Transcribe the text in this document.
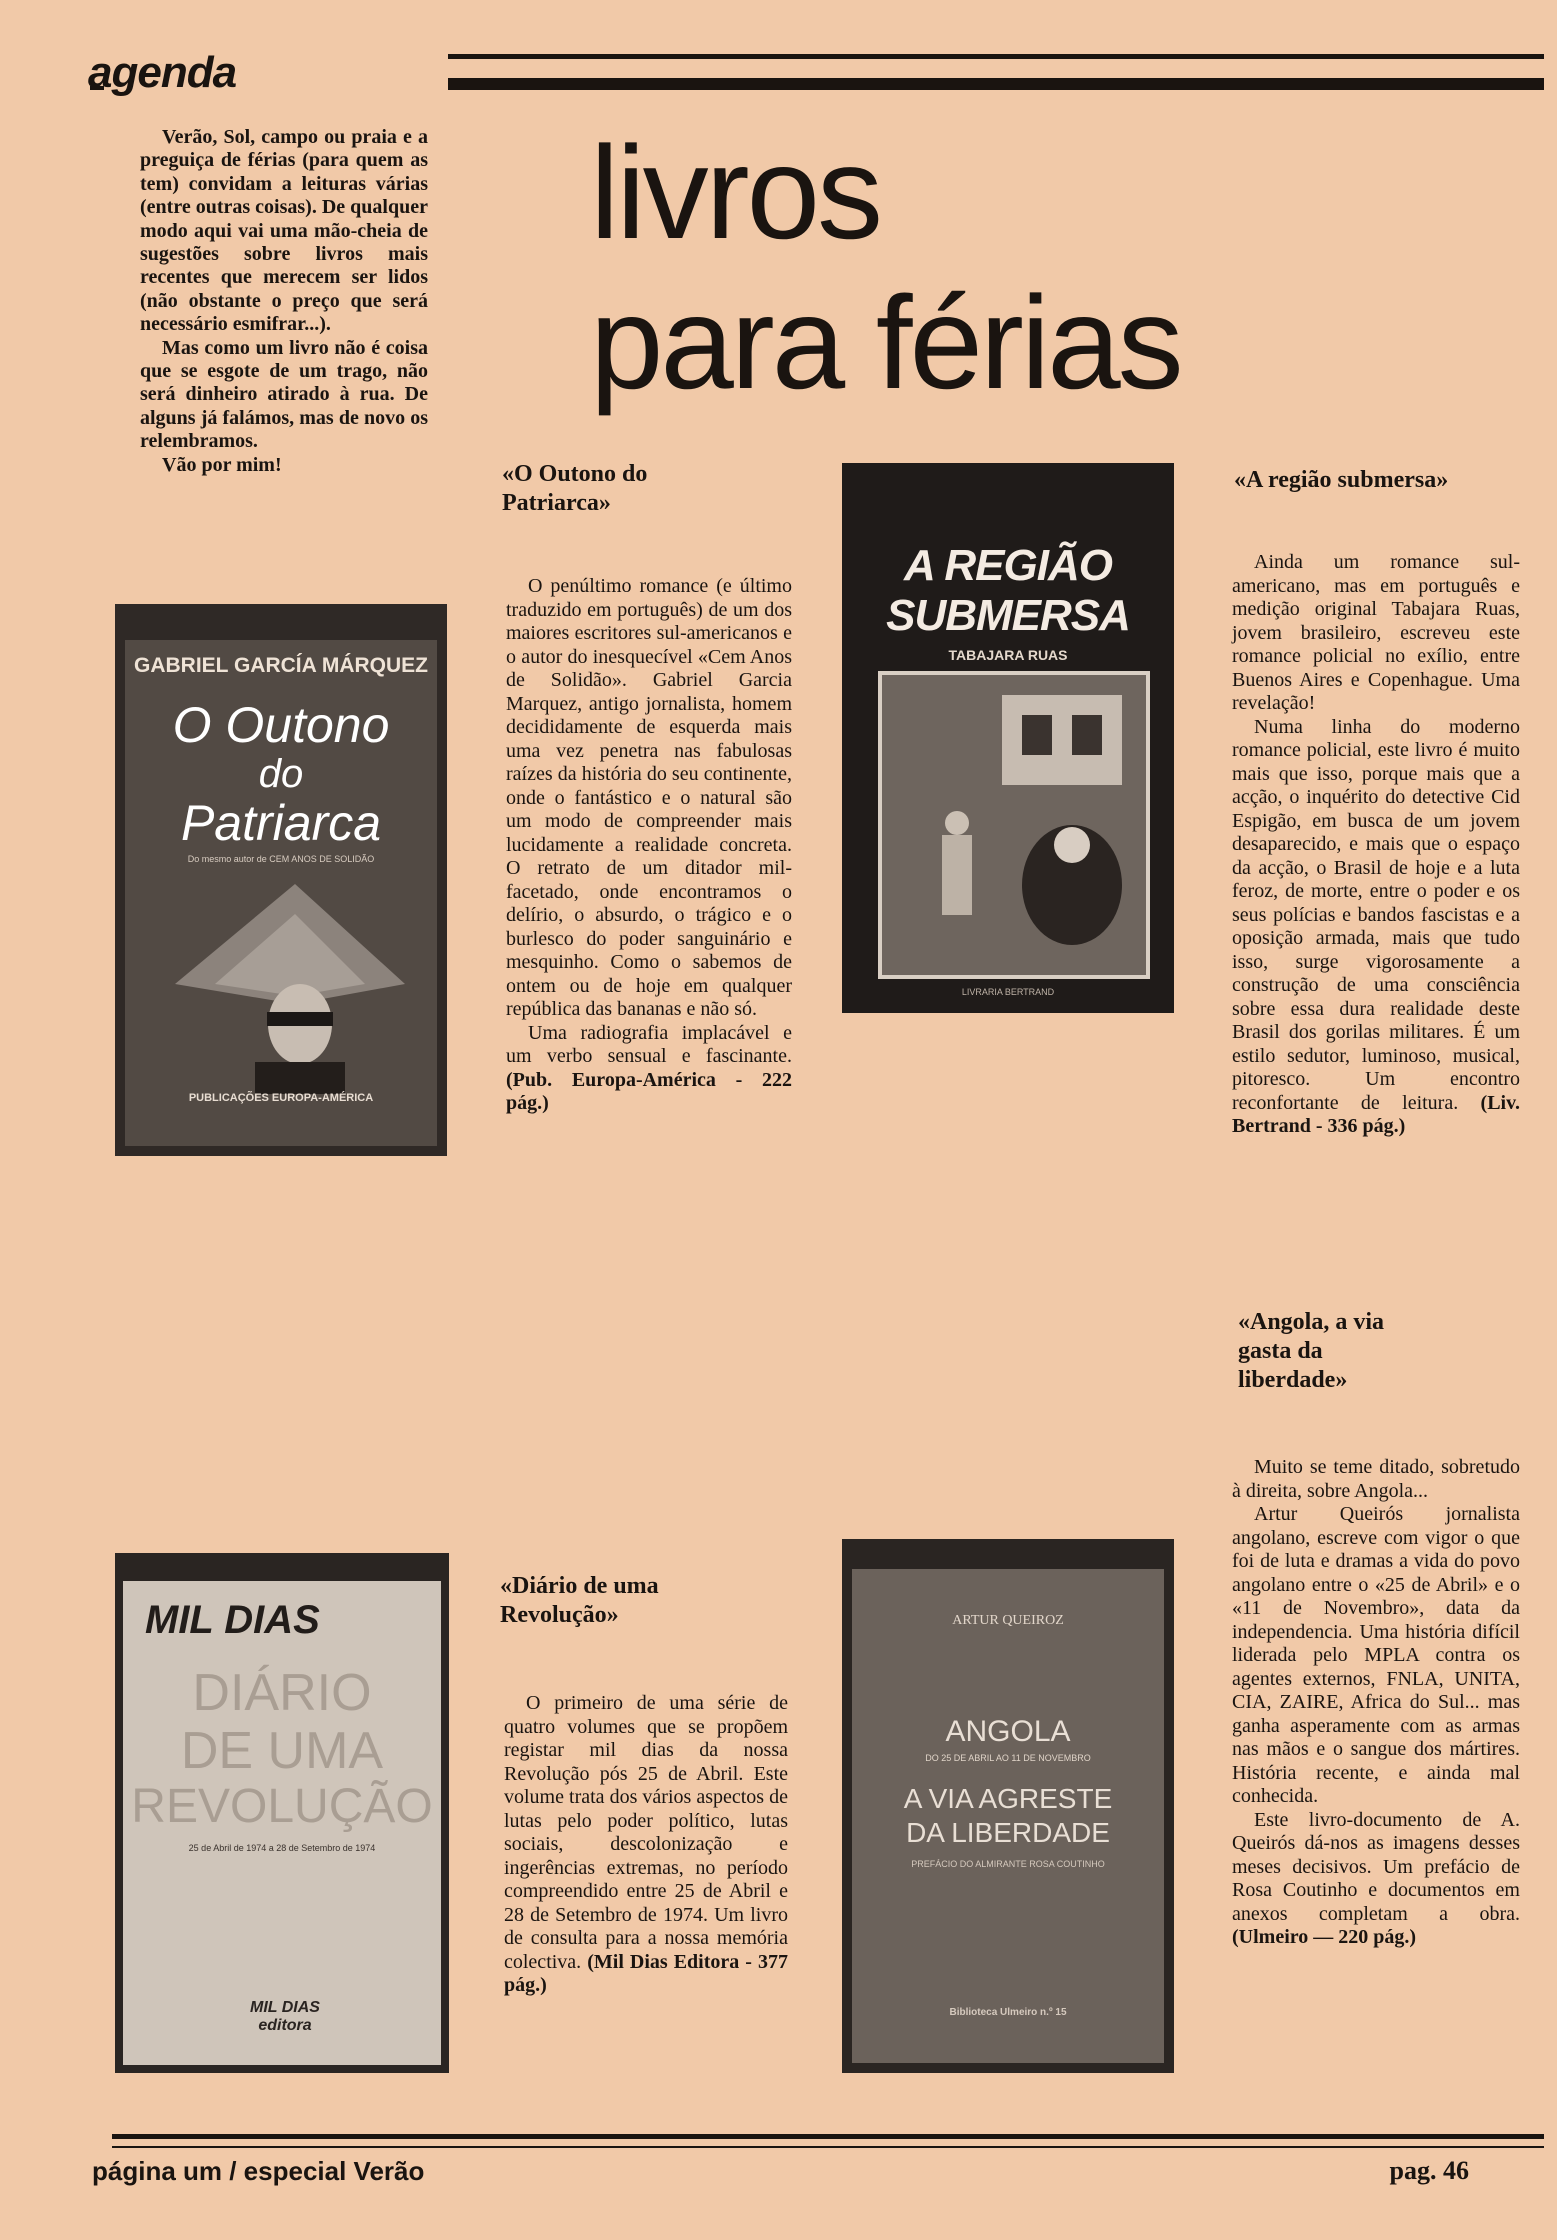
agenda
livros
para férias

Verão, Sol, campo ou praia e a preguiça de férias (para quem as tem) convidam a leituras várias (entre outras coisas). De qualquer modo aqui vai uma mão-cheia de sugestões sobre livros mais recentes que merecem ser lidos (não obstante o preço que será necessário esmifrar...).

Mas como um livro não é coisa que se esgote de um trago, não será dinheiro atirado à rua. De alguns já falámos, mas de novo os relembramos.

Vão por mim!

GABRIEL GARCÍA MÁRQUEZ
O Outono
do
Patriarca
Do mesmo autor de CEM ANOS DE SOLIDÃO
PUBLICAÇÕES EUROPA-AMÉRICA
«O Outono do Patriarca»

O penúltimo romance (e último traduzido em português) de um dos maiores escritores sul-americanos e o autor do inesquecível «Cem Anos de Solidão». Gabriel Garcia Marquez, antigo jornalista, homem decididamente de esquerda mais uma vez penetra nas fabulosas raízes da história do seu continente, onde o fantástico e o natural são um modo de compreender mais lucidamente a realidade concreta. O retrato de um ditador mil-facetado, onde encontramos o delírio, o absurdo, o trágico e o burlesco do poder sanguinário e mesquinho. Como o sabemos de ontem ou de hoje em qualquer república das bananas e não só.

Uma radiografia implacável e um verbo sensual e fascinante. (Pub. Europa-América - 222 pág.)

A REGIÃO
SUBMERSA
TABAJARA RUAS
LIVRARIA BERTRAND
«A região submersa»

Ainda um romance sul-americano, mas em português e medição original Tabajara Ruas, jovem brasileiro, escreveu este romance policial no exílio, entre Buenos Aires e Copenhague. Uma revelação!

Numa linha do moderno romance policial, este livro é muito mais que isso, porque mais que a acção, o inquérito do detective Cid Espigão, em busca de um jovem desaparecido, e mais que o espaço da acção, o Brasil de hoje e a luta feroz, de morte, entre o poder e os seus polícias e bandos fascistas e a oposição armada, mais que tudo isso, surge vigorosamente a construção de uma consciência sobre essa dura realidade deste Brasil dos gorilas militares. É um estilo sedutor, luminoso, musical, pitoresco. Um encontro reconfortante de leitura. (Liv. Bertrand - 336 pág.)

«Angola, a via gasta da liberdade»

Muito se teme ditado, sobretudo à direita, sobre Angola...

Artur Queirós jornalista angolano, escreve com vigor o que foi de luta e dramas a vida do povo angolano entre o «25 de Abril» e o «11 de Novembro», data da independencia. Uma história difícil liderada pelo MPLA contra os agentes externos, FNLA, UNITA, CIA, ZAIRE, Africa do Sul... mas ganha asperamente com as armas nas mãos e o sangue dos mártires. História recente, e ainda mal conhecida.

Este livro-documento de A. Queirós dá-nos as imagens desses meses decisivos. Um prefácio de Rosa Coutinho e documentos em anexos completam a obra. (Ulmeiro — 220 pág.)

MIL DIAS
DIÁRIO
DE UMA
REVOLUÇÃO
25 de Abril de 1974 a 28 de Setembro de 1974
MIL DIAS editora
«Diário de uma Revolução»

O primeiro de uma série de quatro volumes que se propõem registar mil dias da nossa Revolução pós 25 de Abril. Este volume trata dos vários aspectos de lutas pelo poder político, lutas sociais, descolonização e ingerências extremas, no período compreendido entre 25 de Abril e 28 de Setembro de 1974. Um livro de consulta para a nossa memória colectiva. (Mil Dias Editora - 377 pág.)

ARTUR QUEIROZ
ANGOLA
DO 25 DE ABRIL AO 11 DE NOVEMBRO
A VIA AGRESTE
DA LIBERDADE
PREFÁCIO DO ALMIRANTE ROSA COUTINHO
Biblioteca Ulmeiro n.º 15
página um / especial Verão	pag. 46
